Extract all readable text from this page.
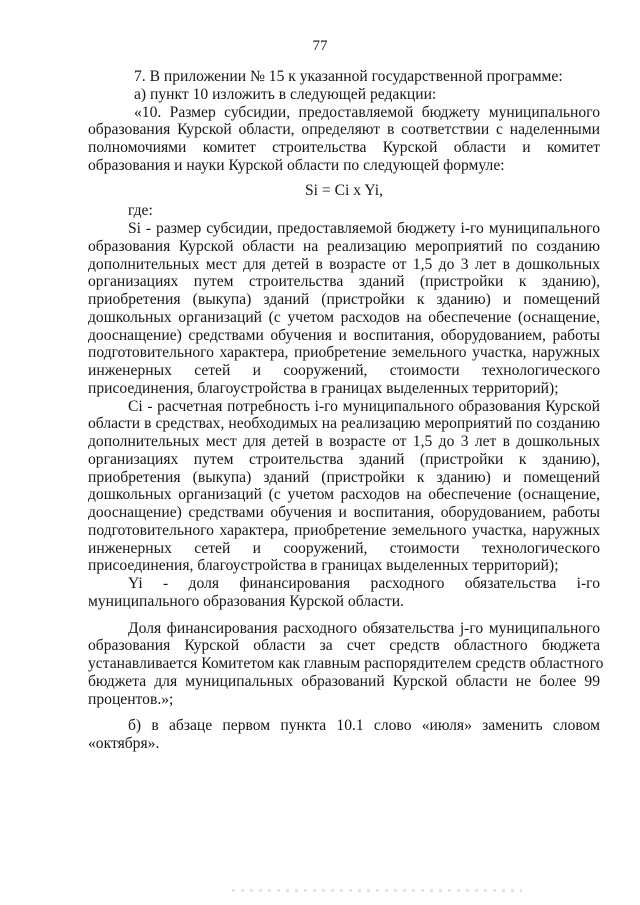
77
7. В приложении № 15 к указанной государственной программе:
а) пункт 10 изложить в следующей редакции:
«10. Размер субсидии, предоставляемой бюджету муниципального
образования Курской области, определяют в соответствии с наделенными
полномочиями комитет строительства Курской области и комитет
образования и науки Курской области по следующей формуле:
Si = Ci x Yi,
где:
Si - размер субсидии, предоставляемой бюджету i-го муниципального
образования Курской области на реализацию мероприятий по созданию
дополнительных мест для детей в возрасте от 1,5 до 3 лет в дошкольных
организациях путем строительства зданий (пристройки к зданию),
приобретения (выкупа) зданий (пристройки к зданию) и помещений
дошкольных организаций (с учетом расходов на обеспечение (оснащение,
дооснащение) средствами обучения и воспитания, оборудованием, работы
подготовительного характера, приобретение земельного участка, наружных
инженерных сетей и сооружений, стоимости технологического
присоединения, благоустройства в границах выделенных территорий);
Ci - расчетная потребность i-го муниципального образования Курской
области в средствах, необходимых на реализацию мероприятий по созданию
дополнительных мест для детей в возрасте от 1,5 до 3 лет в дошкольных
организациях путем строительства зданий (пристройки к зданию),
приобретения (выкупа) зданий (пристройки к зданию) и помещений
дошкольных организаций (с учетом расходов на обеспечение (оснащение,
дооснащение) средствами обучения и воспитания, оборудованием, работы
подготовительного характера, приобретение земельного участка, наружных
инженерных сетей и сооружений, стоимости технологического
присоединения, благоустройства в границах выделенных территорий);
Yi - доля финансирования расходного обязательства i-го
муниципального образования Курской области.
Доля финансирования расходного обязательства j-го муниципального
образования Курской области за счет средств областного бюджета
устанавливается Комитетом как главным распорядителем средств областного
бюджета для муниципальных образований Курской области не более 99
процентов.»;
б) в абзаце первом пункта 10.1 слово «июля» заменить словом
«октября».
